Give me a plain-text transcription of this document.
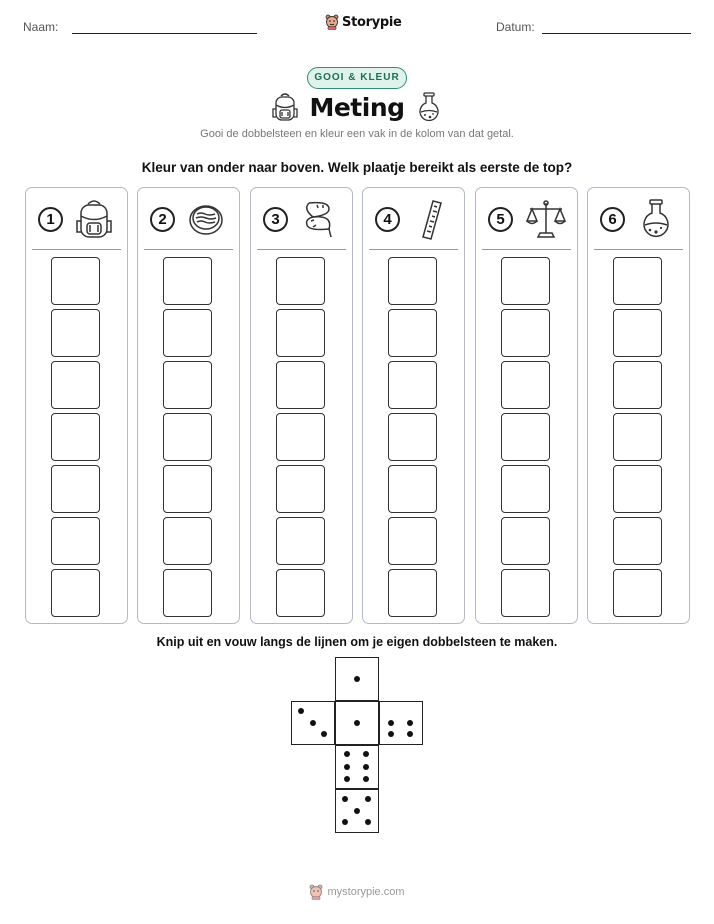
Naam:	Storypie	Datum:
GOOI & KLEUR
Meting
Gooi de dobbelsteen en kleur een vak in de kolom van dat getal.
Kleur van onder naar boven. Welk plaatje bereikt als eerste de top?
1	2	3	4	5	6
Knip uit en vouw langs de lijnen om je eigen dobbelsteen te maken.
mystorypie.com
